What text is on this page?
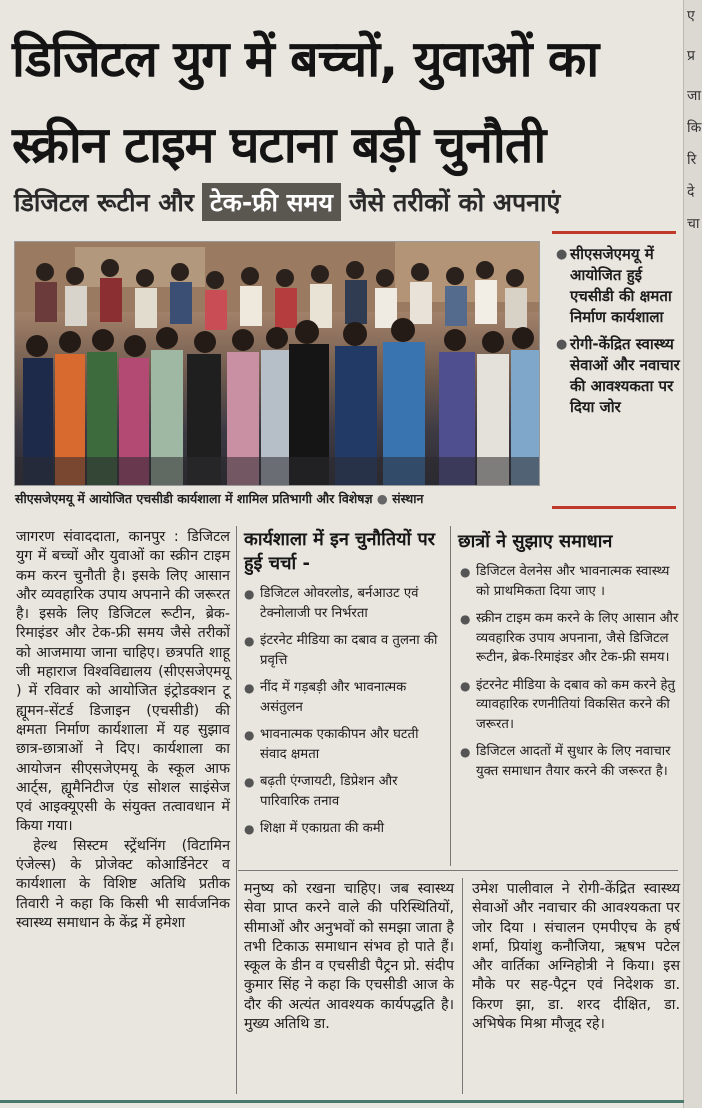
ए
प्र
जा
कि
रि
दे
चा
डिजिटल युग में बच्चों, युवाओं का
स्क्रीन टाइम घटाना बड़ी चुनौती
डिजिटल रूटीन और टेक-फ्री समय जैसे तरीकों को अपनाएं
सीएसजेएमयू में आयोजित एचसीडी कार्यशाला में शामिल प्रतिभागी और विशेषज्ञ ● संस्थान
● सीएसजेएमयू में आयोजित हुई एचसीडी की क्षमता निर्माण कार्यशाला
● रोगी-केंद्रित स्वास्थ्य सेवाओं और नवाचार की आवश्यकता पर दिया जोर
जागरण संवाददाता, कानपुर : डिजिटल युग में बच्चों और युवाओं का स्क्रीन टाइम कम करन चुनौती है। इसके लिए आसान और व्यवहारिक उपाय अपनाने की जरूरत है। इसके लिए डिजिटल रूटीन, ब्रेक-रिमाइंडर और टेक-फ्री समय जैसे तरीकों को आजमाया जाना चाहिए। छत्रपति शाहू जी महाराज विश्वविद्यालय (सीएसजेएमयू ) में रविवार को आयोजित इंट्रोडक्शन टू ह्यूमन-सेंटर्ड डिजाइन (एचसीडी) की क्षमता निर्माण कार्यशाला में यह सुझाव छात्र-छात्राओं ने दिए। कार्यशाला का आयोजन सीएसजेएमयू के स्कूल आफ आर्ट्स, ह्यूमैनिटीज एंड सोशल साइंसेज एवं आइक्यूएसी के संयुक्त तत्वावधान में किया गया।
हेल्थ सिस्टम स्ट्रेंथनिंग (विटामिन एंजेल्स) के प्रोजेक्ट कोआर्डिनेटर व कार्यशाला के विशिष्ट अतिथि प्रतीक तिवारी ने कहा कि किसी भी सार्वजनिक स्वास्थ्य समाधान के केंद्र में हमेशा
कार्यशाला में इन चुनौतियों पर हुई चर्चा -
● डिजिटल ओवरलोड, बर्नआउट एवं टेक्नोलाजी पर निर्भरता
● इंटरनेट मीडिया का दबाव व तुलना की प्रवृत्ति
● नींद में गड़बड़ी और भावनात्मक असंतुलन
● भावनात्मक एकाकीपन और घटती संवाद क्षमता
● बढ़ती एंग्जायटी, डिप्रेशन और पारिवारिक तनाव
● शिक्षा में एकाग्रता की कमी
छात्रों ने सुझाए समाधान
● डिजिटल वेलनेस और भावनात्मक स्वास्थ्य को प्राथमिकता दिया जाए ।
● स्क्रीन टाइम कम करने के लिए आसान और व्यवहारिक उपाय अपनाना, जैसे डिजिटल रूटीन, ब्रेक-रिमाइंडर और टेक-फ्री समय।
● इंटरनेट मीडिया के दबाव को कम करने हेतु व्यावहारिक रणनीतियां विकसित करने की जरूरत।
● डिजिटल आदतों में सुधार के लिए नवाचार युक्त समाधान तैयार करने की जरूरत है।
मनुष्य को रखना चाहिए। जब स्वास्थ्य सेवा प्राप्त करने वाले की परिस्थितियों, सीमाओं और अनुभवों को समझा जाता है तभी टिकाऊ समाधान संभव हो पाते हैं। स्कूल के डीन व एचसीडी पैट्रन प्रो. संदीप कुमार सिंह ने कहा कि एचसीडी आज के दौर की अत्यंत आवश्यक कार्यपद्धति है। मुख्य अतिथि डा.
उमेश पालीवाल ने रोगी-केंद्रित स्वास्थ्य सेवाओं और नवाचार की आवश्यकता पर जोर दिया । संचालन एमपीएच के हर्ष शर्मा, प्रियांशु कनौजिया, ऋषभ पटेल और वार्तिका अग्निहोत्री ने किया। इस मौके पर सह-पैट्रन एवं निदेशक डा. किरण झा, डा. शरद दीक्षित, डा. अभिषेक मिश्रा मौजूद रहे।
